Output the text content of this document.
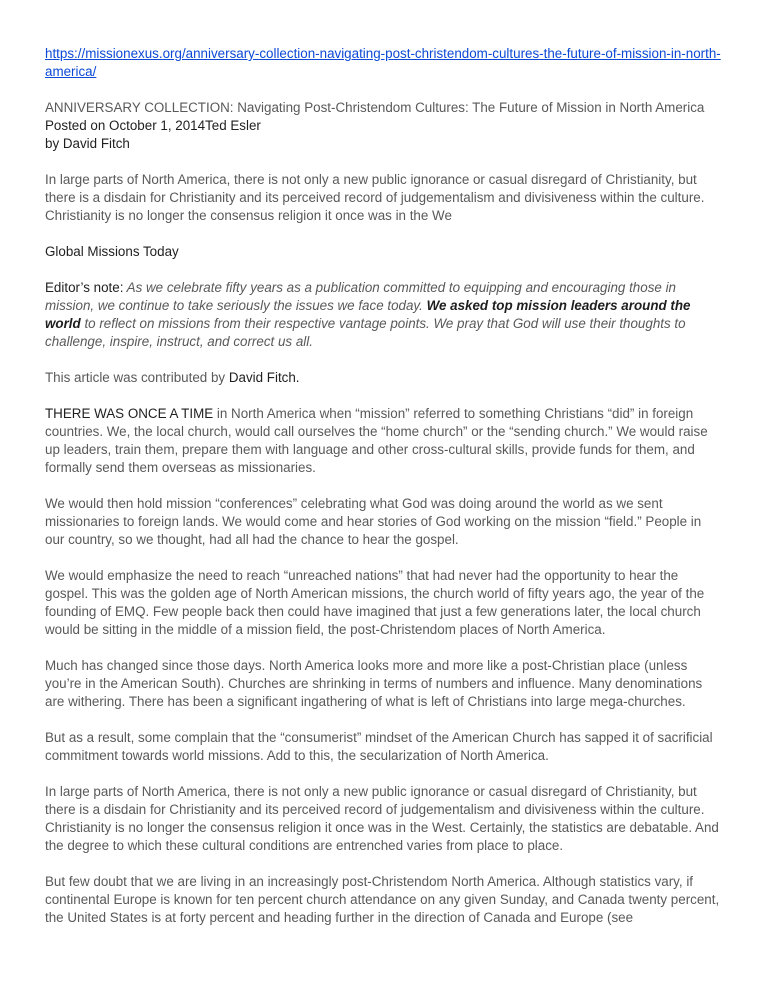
https://missionexus.org/anniversary-collection-navigating-post-christendom-cultures-the-future-of-mission-in-north-america/

ANNIVERSARY COLLECTION: Navigating Post-Christendom Cultures: The Future of Mission in North America

Posted on October 1, 2014Ted Esler

by David Fitch

In large parts of North America, there is not only a new public ignorance or casual disregard of Christianity, but there is a disdain for Christianity and its perceived record of judgementalism and divisiveness within the culture. Christianity is no longer the consensus religion it once was in the We

Global Missions Today

Editor’s note: As we celebrate fifty years as a publication committed to equipping and encouraging those in mission, we continue to take seriously the issues we face today. We asked top mission leaders around the world to reflect on missions from their respective vantage points. We pray that God will use their thoughts to challenge, inspire, instruct, and correct us all.

This article was contributed by David Fitch.

THERE WAS ONCE A TIME in North America when “mission” referred to something Christians “did” in foreign countries. We, the local church, would call ourselves the “home church” or the “sending church.” We would raise up leaders, train them, prepare them with language and other cross-cultural skills, provide funds for them, and formally send them overseas as missionaries.

We would then hold mission “conferences” celebrating what God was doing around the world as we sent missionaries to foreign lands. We would come and hear stories of God working on the mission “field.” People in our country, so we thought, had all had the chance to hear the gospel.

We would emphasize the need to reach “unreached nations” that had never had the opportunity to hear the gospel. This was the golden age of North American missions, the church world of fifty years ago, the year of the founding of EMQ. Few people back then could have imagined that just a few generations later, the local church would be sitting in the middle of a mission field, the post-Christendom places of North America.

Much has changed since those days. North America looks more and more like a post-Christian place (unless you’re in the American South). Churches are shrinking in terms of numbers and influence. Many denominations are withering. There has been a significant ingathering of what is left of Christians into large mega-churches.

But as a result, some complain that the “consumerist” mindset of the American Church has sapped it of sacrificial commitment towards world missions. Add to this, the secularization of North America.

In large parts of North America, there is not only a new public ignorance or casual disregard of Christianity, but there is a disdain for Christianity and its perceived record of judgementalism and divisiveness within the culture. Christianity is no longer the consensus religion it once was in the West. Certainly, the statistics are debatable. And the degree to which these cultural conditions are entrenched varies from place to place.

But few doubt that we are living in an increasingly post-Christendom North America. Although statistics vary, if continental Europe is known for ten percent church attendance on any given Sunday, and Canada twenty percent, the United States is at forty percent and heading further in the direction of Canada and Europe (see
